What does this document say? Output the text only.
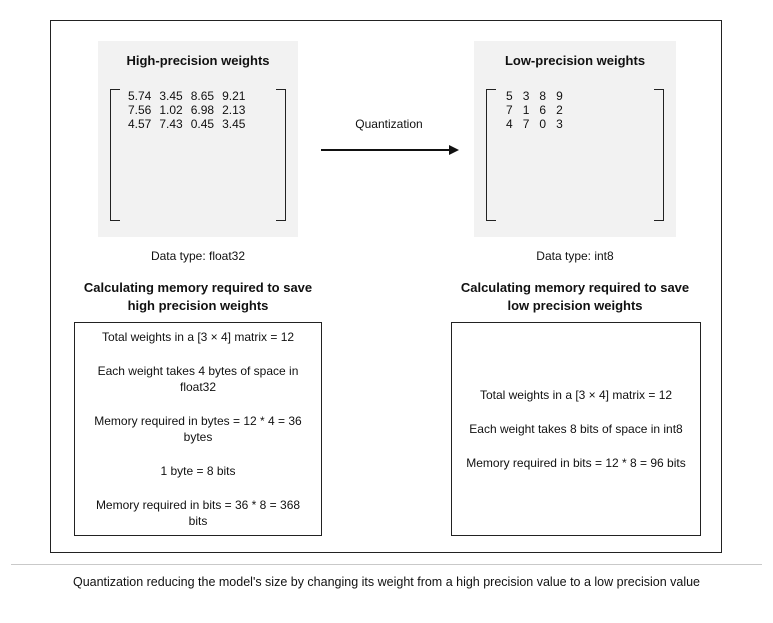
High-precision weights
5.74	3.45	8.65	9.21
7.56	1.02	6.98	2.13
4.57	7.43	0.45	3.45	Quantization
Low-precision weights
5	3	8	9
7	1	6	2
4	7	0	3
Data type: float32	Data type: int8
Calculating memory required to save high precision weights
Calculating memory required to save low precision weights
Total weights in a [3 × 4] matrix = 12
Each weight takes 4 bytes of space in float32
Memory required in bytes = 12 * 4 = 36 bytes
1 byte = 8 bits
Memory required in bits = 36 * 8 = 368 bits
Total weights in a [3 × 4] matrix = 12
Each weight takes 8 bits of space in int8
Memory required in bits = 12 * 8 = 96 bits
Quantization reducing the model's size by changing its weight from a high precision value to a low precision value
